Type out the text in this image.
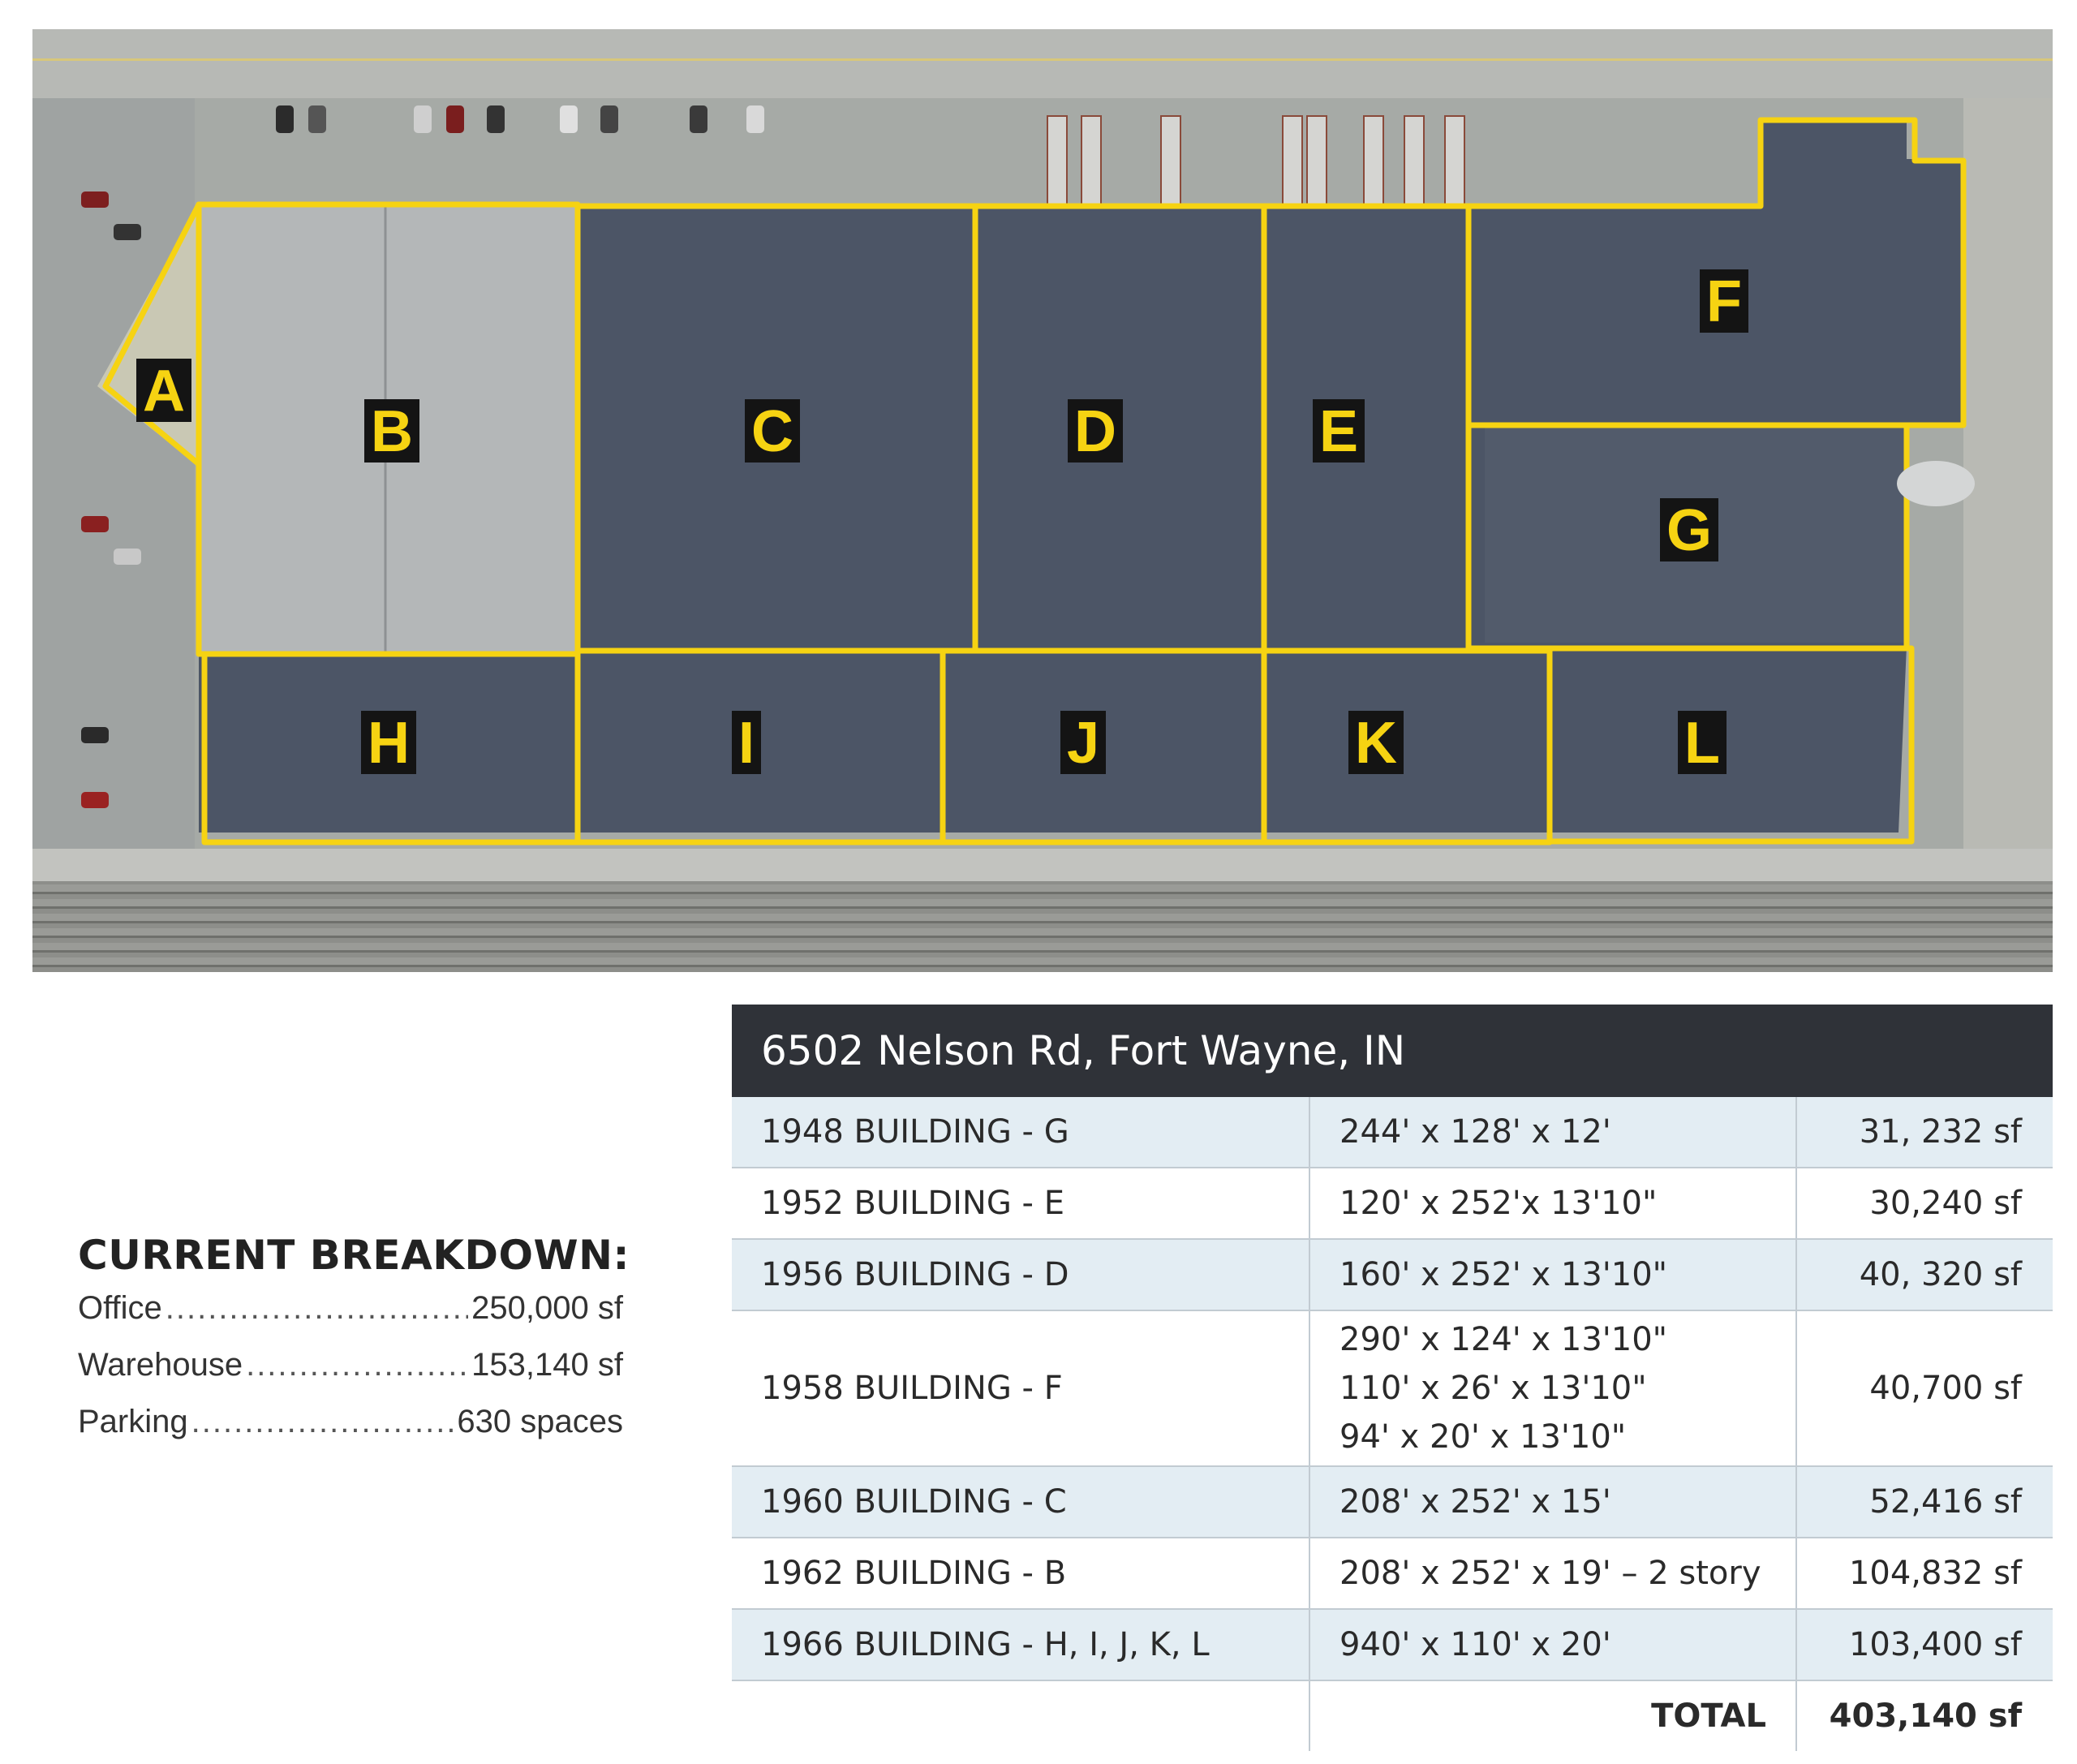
A
B	C	D	E
F
G
H	I	J	K	L
CURRENT BREAKDOWN:
Office .....	250,000 sf
Warehouse .....	153,140 sf
Parking .....	630 spaces
6502 Nelson Rd, Fort Wayne, IN		
1948 BUILDING - G	244' x 128' x 12'	31, 232 sf
1952 BUILDING - E	120' x 252'x 13'10"	30,240 sf
1956 BUILDING - D	160' x 252' x 13'10"	40, 320 sf
1958 BUILDING - F	290' x 124' x 13'10"
110' x 26' x 13'10"
94' x 20' x 13'10"	40,700 sf
1960 BUILDING - C	208' x 252' x 15'	52,416 sf
1962 BUILDING - B	208' x 252' x 19' – 2 story	104,832 sf
1966 BUILDING - H, I, J, K, L	940' x 110' x 20'	103,400 sf
	TOTAL	403,140 sf
